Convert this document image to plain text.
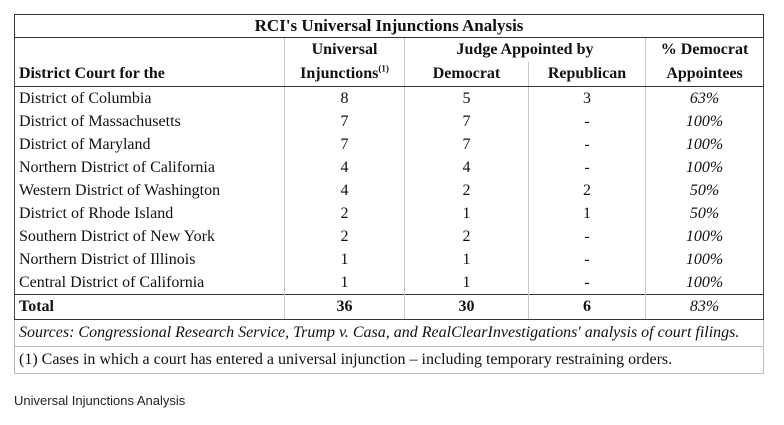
RCI's Universal Injunctions Analysis					
		Universal	Judge Appointed by		% Democrat
District Court for the		Injunctions$^{(1)}$	Democrat	Republican	Appointees
District of Columbia		8	5	3	63%
District of Massachusetts		7	7	-	100%
District of Maryland		7	7	-	100%
Northern District of California		4	4	-	100%
Western District of Washington		4	2	2	50%
District of Rhode Island		2	1	1	50%
Southern District of New York		2	2	-	100%
Northern District of Illinois		1	1	-	100%
Central District of California		1	1	-	100%
Total		36	30	6	83%
Sources: Congressional Research Service, Trump v. Casa, and RealClearInvestigations' analysis of court filings.					
(1) Cases in which a court has entered a universal injunction – including temporary restraining orders.					
Universal Injunctions Analysis
